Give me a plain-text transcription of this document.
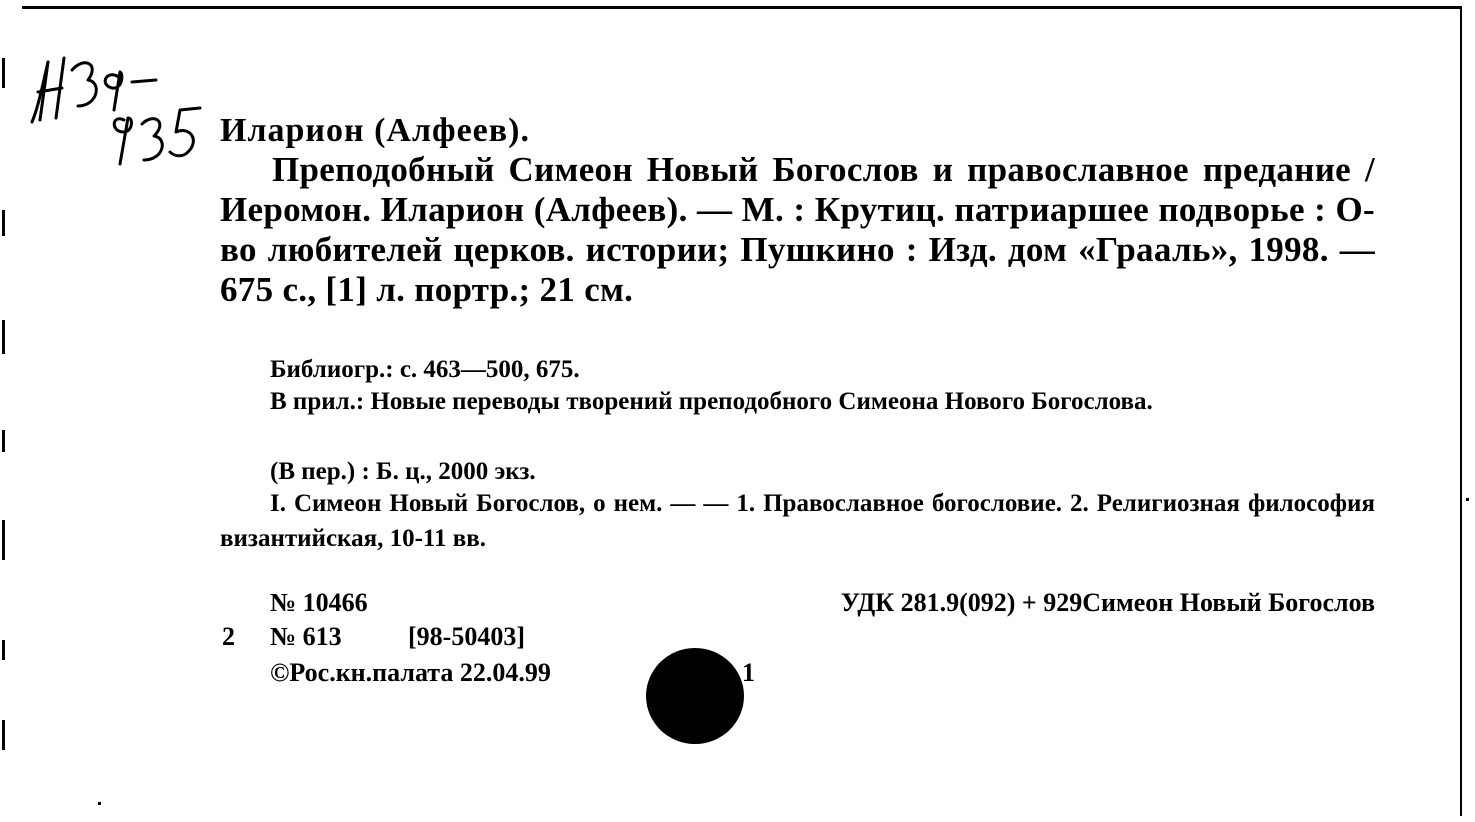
Иларион (Алфеев).
Преподобный Симеон Новый Богослов и православное предание / Иеромон. Иларион (Алфеев). — М. : Крутиц. патриаршее подворье : О-во любителей церков. истории; Пушкино : Изд. дом «Грааль», 1998. — 675 с., [1] л. портр.; 21 см.
Библиогр.: с. 463—500, 675.
В прил.: Новые переводы творений преподобного Симеона Нового Богослова.
(В пер.) : Б. ц., 2000 экз.
I. Симеон Новый Богослов, о нем. — — 1. Православное богословие. 2. Религиозная философия византийская, 10-11 вв.
№ 10466	УДК 281.9(092) + 929Симеон Новый Богослов
2 № 613	[98-50403]
©Рос.кн.палата 22.04.99	1
